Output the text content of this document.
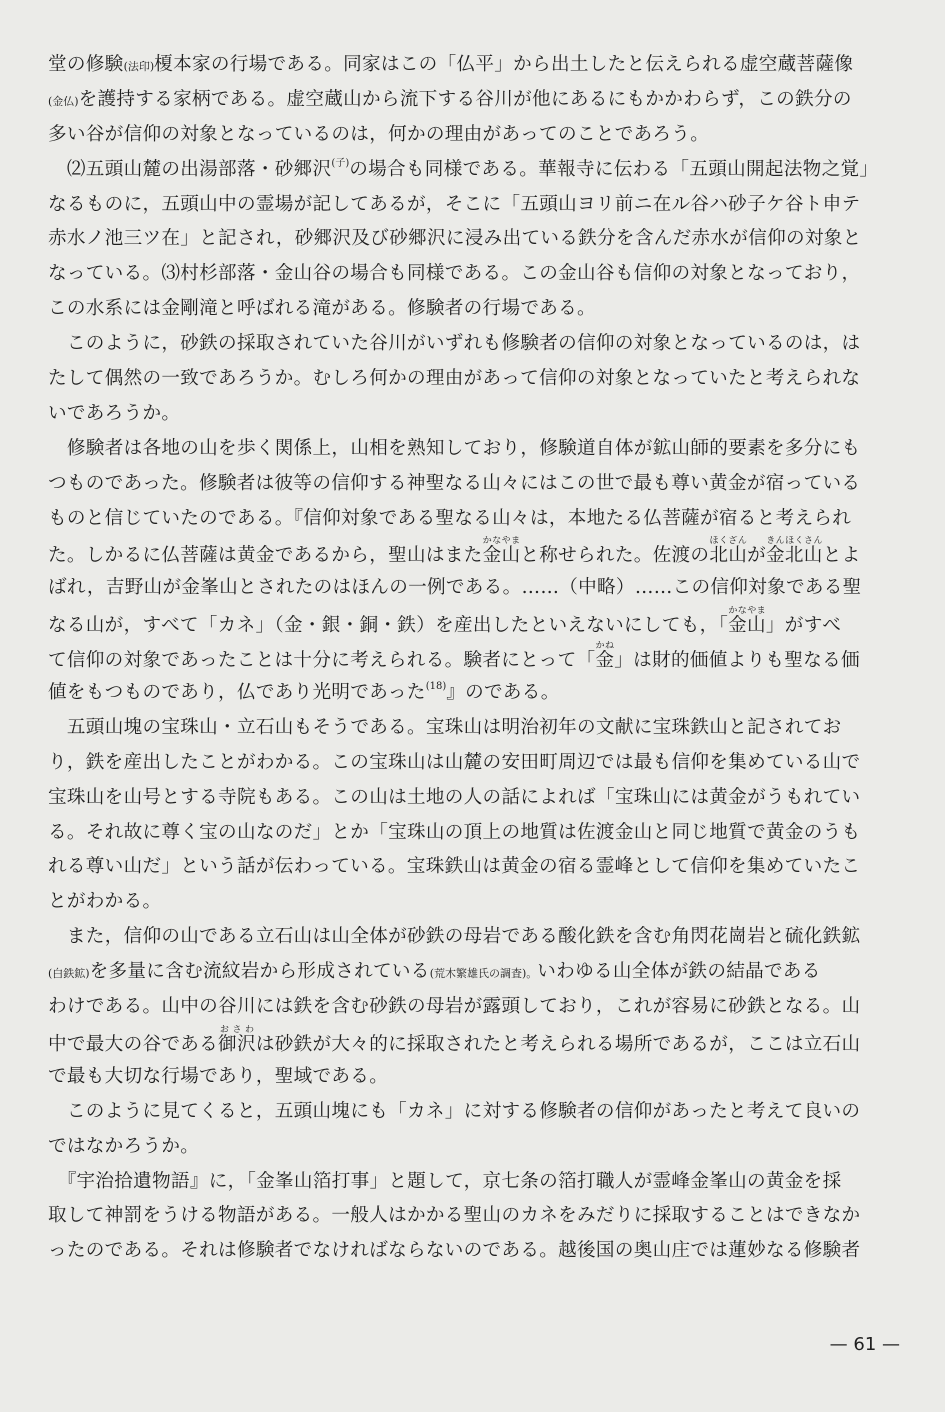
堂の修験(法印)榎本家の行場である。同家はこの「仏平」から出土したと伝えられる虚空蔵菩薩像
(金仏)を護持する家柄である。虚空蔵山から流下する谷川が他にあるにもかかわらず，この鉄分の
多い谷が信仰の対象となっているのは，何かの理由があってのことであろう。
　⑵五頭山麓の出湯部落・砂郷沢$^{(子)}$の場合も同様である。華報寺に伝わる「五頭山開起法物之覚」
なるものに，五頭山中の霊場が記してあるが，そこに「五頭山ヨリ前ニ在ル谷ハ砂子ケ谷ト申テ
赤水ノ池三ツ在」と記され，砂郷沢及び砂郷沢に浸み出ている鉄分を含んだ赤水が信仰の対象と
なっている。⑶村杉部落・金山谷の場合も同様である。この金山谷も信仰の対象となっており，
この水系には金剛滝と呼ばれる滝がある。修験者の行場である。
　このように，砂鉄の採取されていた谷川がいずれも修験者の信仰の対象となっているのは，は
たして偶然の一致であろうか。むしろ何かの理由があって信仰の対象となっていたと考えられな
いであろうか。
　修験者は各地の山を歩く関係上，山相を熟知しており，修験道自体が鉱山師的要素を多分にも
つものであった。修験者は彼等の信仰する神聖なる山々にはこの世で最も尊い黄金が宿っている
ものと信じていたのである。『信仰対象である聖なる山々は，本地たる仏菩薩が宿ると考えられ
た。しかるに仏菩薩は黄金であるから，聖山はまた金山かなやまと称せられた。佐渡の北山ほくざんが金北山きんほくさんとよ
ばれ，吉野山が金峯山とされたのはほんの一例である。……（中略）……この信仰対象である聖
なる山が，すべて「カネ」（金・銀・銅・鉄）を産出したといえないにしても，「金山かなやま」がすべ
て信仰の対象であったことは十分に考えられる。験者にとって「金かね」は財的価値よりも聖なる価
値をもつものであり，仏であり光明であった$^{(18)}$』のである。
　五頭山塊の宝珠山・立石山もそうである。宝珠山は明治初年の文献に宝珠鉄山と記されてお
り，鉄を産出したことがわかる。この宝珠山は山麓の安田町周辺では最も信仰を集めている山で
宝珠山を山号とする寺院もある。この山は土地の人の話によれば「宝珠山には黄金がうもれてい
る。それ故に尊く宝の山なのだ」とか「宝珠山の頂上の地質は佐渡金山と同じ地質で黄金のうも
れる尊い山だ」という話が伝わっている。宝珠鉄山は黄金の宿る霊峰として信仰を集めていたこ
とがわかる。
　また，信仰の山である立石山は山全体が砂鉄の母岩である酸化鉄を含む角閃花崗岩と硫化鉄鉱
(白鉄鉱)を多量に含む流紋岩から形成されている(荒木繁雄氏の調査)。いわゆる山全体が鉄の結晶である
わけである。山中の谷川には鉄を含む砂鉄の母岩が露頭しており，これが容易に砂鉄となる。山
中で最大の谷である御沢おさわは砂鉄が大々的に採取されたと考えられる場所であるが，ここは立石山
で最も大切な行場であり，聖域である。
　このように見てくると，五頭山塊にも「カネ」に対する修験者の信仰があったと考えて良いの
ではなかろうか。
　『宇治拾遺物語』に，「金峯山箔打事」と題して，京七条の箔打職人が霊峰金峯山の黄金を採
取して神罰をうける物語がある。一般人はかかる聖山のカネをみだりに採取することはできなか
ったのである。それは修験者でなければならないのである。越後国の奥山庄では蓮妙なる修験者
— 61 —
